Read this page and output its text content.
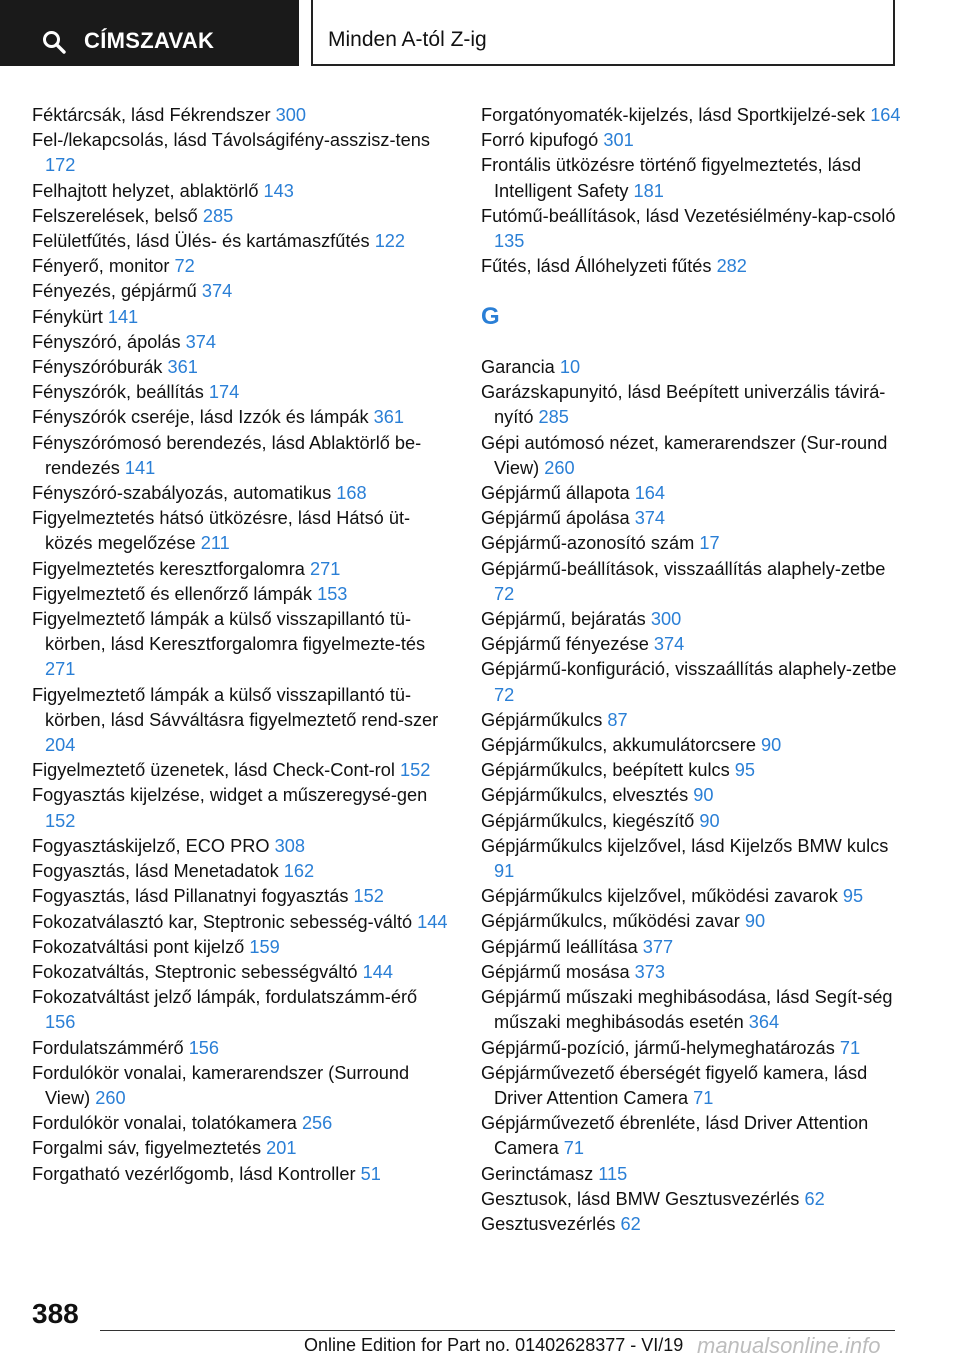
CÍMSZAVAK	Minden A-tól Z-ig
Féktárcsák, lásd Fékrendszer 300
Fel-/lekapcsolás, lásd Távolságifény-asszisz-tens 172
Felhajtott helyzet, ablaktörlő 143
Felszerelések, belső 285
Felületfűtés, lásd Ülés- és kartámaszfűtés 122
Fényerő, monitor 72
Fényezés, gépjármű 374
Fénykürt 141
Fényszóró, ápolás 374
Fényszóróburák 361
Fényszórók, beállítás 174
Fényszórók cseréje, lásd Izzók és lámpák 361
Fényszórómosó berendezés, lásd Ablaktörlő be-rendezés 141
Fényszóró-szabályozás, automatikus 168
Figyelmeztetés hátsó ütközésre, lásd Hátsó üt-közés megelőzése 211
Figyelmeztetés keresztforgalomra 271
Figyelmeztető és ellenőrző lámpák 153
Figyelmeztető lámpák a külső visszapillantó tü-körben, lásd Keresztforgalomra figyelmezte-tés 271
Figyelmeztető lámpák a külső visszapillantó tü-körben, lásd Sávváltásra figyelmeztető rend-szer 204
Figyelmeztető üzenetek, lásd Check-Cont-rol 152
Fogyasztás kijelzése, widget a műszeregysé-gen 152
Fogyasztáskijelző, ECO PRO 308
Fogyasztás, lásd Menetadatok 162
Fogyasztás, lásd Pillanatnyi fogyasztás 152
Fokozatválasztó kar, Steptronic sebesség-váltó 144
Fokozatváltási pont kijelző 159
Fokozatváltás, Steptronic sebességváltó 144
Fokozatváltást jelző lámpák, fordulatszámm-érő 156
Fordulatszámmérő 156
Fordulókör vonalai, kamerarendszer (Surround View) 260
Fordulókör vonalai, tolatókamera 256
Forgalmi sáv, figyelmeztetés 201
Forgatható vezérlőgomb, lásd Kontroller 51
Forgatónyomaték-kijelzés, lásd Sportkijelzé-sek 164
Forró kipufogó 301
Frontális ütközésre történő figyelmeztetés, lásd Intelligent Safety 181
Futómű-beállítások, lásd Vezetésiélmény-kap-csoló 135
Fűtés, lásd Állóhelyzeti fűtés 282
G
Garancia 10
Garázskapunyitó, lásd Beépített univerzális távirá-nyító 285
Gépi autómosó nézet, kamerarendszer (Sur-round View) 260
Gépjármű állapota 164
Gépjármű ápolása 374
Gépjármű-azonosító szám 17
Gépjármű-beállítások, visszaállítás alaphely-zetbe 72
Gépjármű, bejáratás 300
Gépjármű fényezése 374
Gépjármű-konfiguráció, visszaállítás alaphely-zetbe 72
Gépjárműkulcs 87
Gépjárműkulcs, akkumulátorcsere 90
Gépjárműkulcs, beépített kulcs 95
Gépjárműkulcs, elvesztés 90
Gépjárműkulcs, kiegészítő 90
Gépjárműkulcs kijelzővel, lásd Kijelzős BMW kulcs 91
Gépjárműkulcs kijelzővel, működési zavarok 95
Gépjárműkulcs, működési zavar 90
Gépjármű leállítása 377
Gépjármű mosása 373
Gépjármű műszaki meghibásodása, lásd Segít-ség műszaki meghibásodás esetén 364
Gépjármű-pozíció, jármű-helymeghatározás 71
Gépjárművezető éberségét figyelő kamera, lásd Driver Attention Camera 71
Gépjárművezető ébrenléte, lásd Driver Attention Camera 71
Gerinctámasz 115
Gesztusok, lásd BMW Gesztusvezérlés 62
Gesztusvezérlés 62
388
Online Edition for Part no. 01402628377 - VI/19 manualsonline.info
